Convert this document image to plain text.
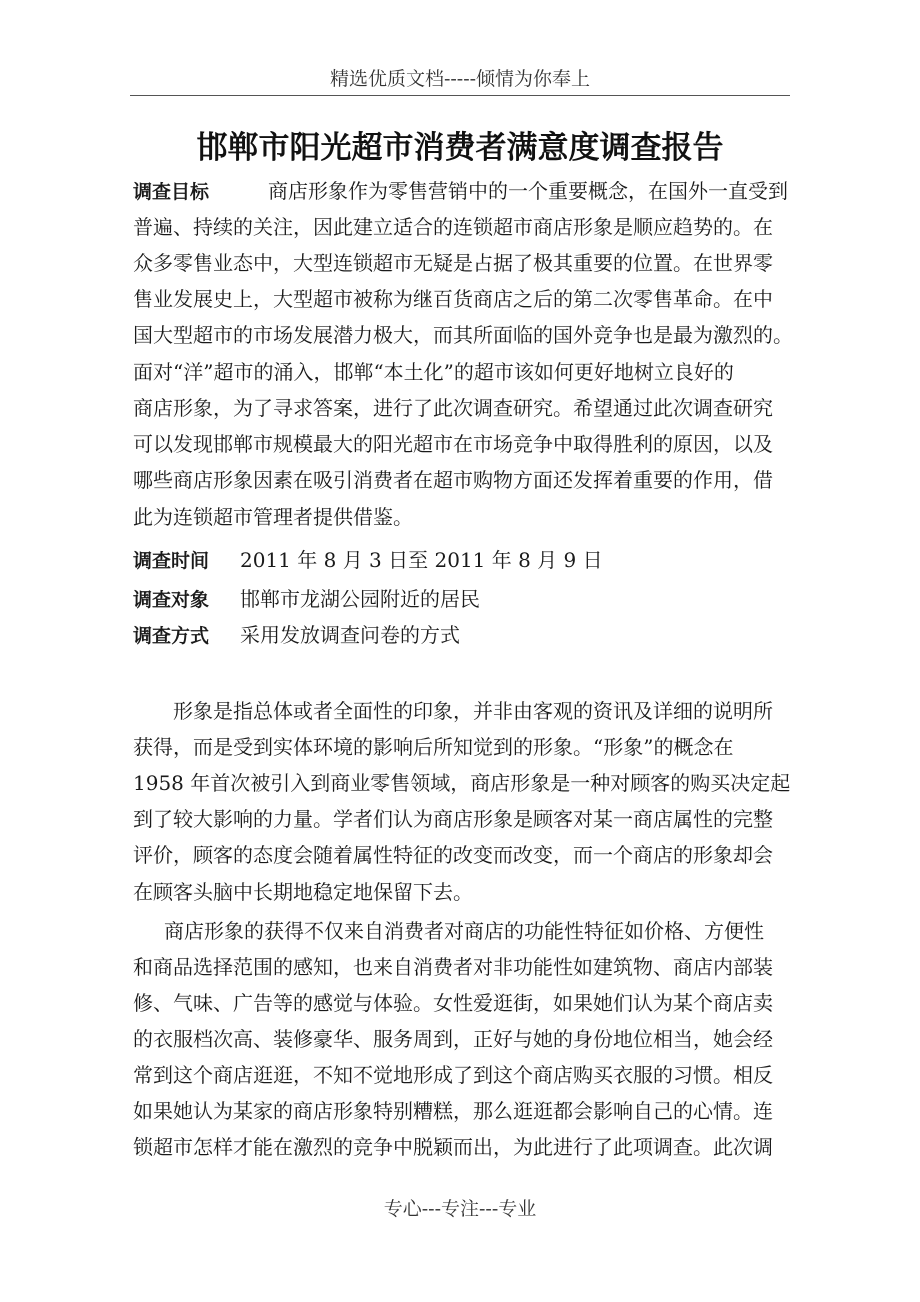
精选优质文档-----倾情为你奉上
邯郸市阳光超市消费者满意度调查报告
调查目标	商店形象作为零售营销中的一个重要概念，在国外一直受到
普遍、持续的关注，因此建立适合的连锁超市商店形象是顺应趋势的。在
众多零售业态中，大型连锁超市无疑是占据了极其重要的位置。在世界零
售业发展史上，大型超市被称为继百货商店之后的第二次零售革命。在中
国大型超市的市场发展潜力极大，而其所面临的国外竞争也是最为激烈的。
面对“洋”超市的涌入，邯郸“本土化”的超市该如何更好地树立良好的
商店形象，为了寻求答案，进行了此次调查研究。希望通过此次调查研究
可以发现邯郸市规模最大的阳光超市在市场竞争中取得胜利的原因，以及
哪些商店形象因素在吸引消费者在超市购物方面还发挥着重要的作用，借
此为连锁超市管理者提供借鉴。
调查时间 2011 年 8 月 3 日至 2011 年 8 月 9 日
调查对象 邯郸市龙湖公园附近的居民
调查方式 采用发放调查问卷的方式
形象是指总体或者全面性的印象，并非由客观的资讯及详细的说明所
获得，而是受到实体环境的影响后所知觉到的形象。“形象”的概念在
1958 年首次被引入到商业零售领域，商店形象是一种对顾客的购买决定起
到了较大影响的力量。学者们认为商店形象是顾客对某一商店属性的完整
评价，顾客的态度会随着属性特征的改变而改变，而一个商店的形象却会
在顾客头脑中长期地稳定地保留下去。
商店形象的获得不仅来自消费者对商店的功能性特征如价格、方便性
和商品选择范围的感知，也来自消费者对非功能性如建筑物、商店内部装
修、气味、广告等的感觉与体验。女性爱逛街，如果她们认为某个商店卖
的衣服档次高、装修豪华、服务周到，正好与她的身份地位相当，她会经
常到这个商店逛逛，不知不觉地形成了到这个商店购买衣服的习惯。相反
如果她认为某家的商店形象特别糟糕，那么逛逛都会影响自己的心情。连
锁超市怎样才能在激烈的竞争中脱颖而出，为此进行了此项调查。此次调
专心---专注---专业
